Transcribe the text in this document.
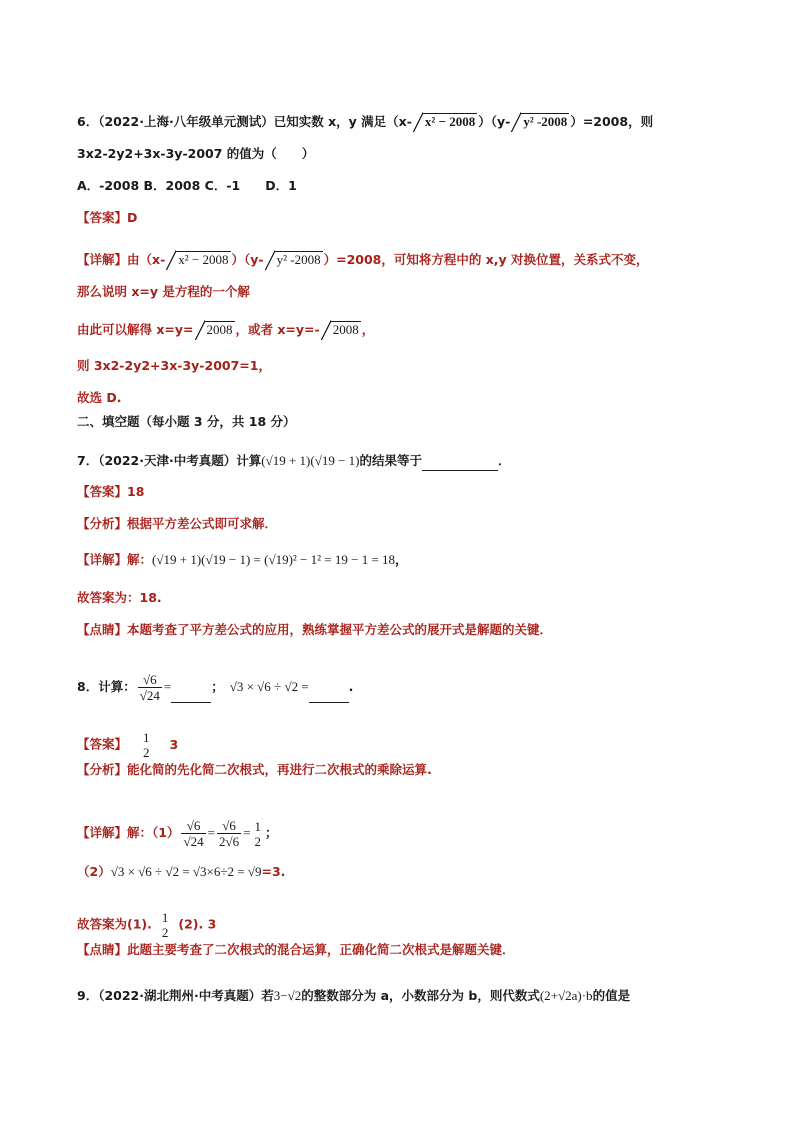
6．（2022·上海·八年级单元测试）已知实数 x，y 满足（x- x² − 2008 ）（y- y² -2008 ）=2008，则
3x2-2y2+3x-3y-2007 的值为（　　）
A．-2008 B．2008 C．-1　　D．1
【答案】D
【详解】由（x- x² − 2008 ）（y- y² -2008 ）=2008，可知将方程中的 x,y 对换位置，关系式不变，
那么说明 x=y 是方程的一个解
由此可以解得 x=y= 2008 ，或者 x=y=- 2008 ，
则 3x2-2y2+3x-3y-2007=1，
故选 D.
二、填空题（每小题 3 分，共 18 分）
7．（2022·天津·中考真题）计算(√19 + 1)(√19 − 1)的结果等于	．
【答案】18
【分析】根据平方差公式即可求解．
【详解】解：(√19 + 1)(√19 − 1) = (√19)² − 1² = 19 − 1 = 18，
故答案为：18.
【点睛】本题考查了平方差公式的应用，熟练掌握平方差公式的展开式是解题的关键．
8．计算： $\frac{√6}{√24}$ =	； √3 × √6 ÷ √2 =	.
【答案】 1
2
3
【分析】能化简的先化简二次根式，再进行二次根式的乘除运算.
【详解】解：$(1) \frac{√6}{√24} = \frac{√6}{2√6} = 1$
2
；
（2）√3 × √6 ÷ √2 = √3×6÷2 = √9=3.
故答案为(1). 1
2
(2). 3
【点睛】此题主要考查了二次根式的混合运算，正确化简二次根式是解题关键．
9．（2022·湖北荆州·中考真题）若3−√2的整数部分为 a，小数部分为 b，则代数式(2+√2a)·b的值是
